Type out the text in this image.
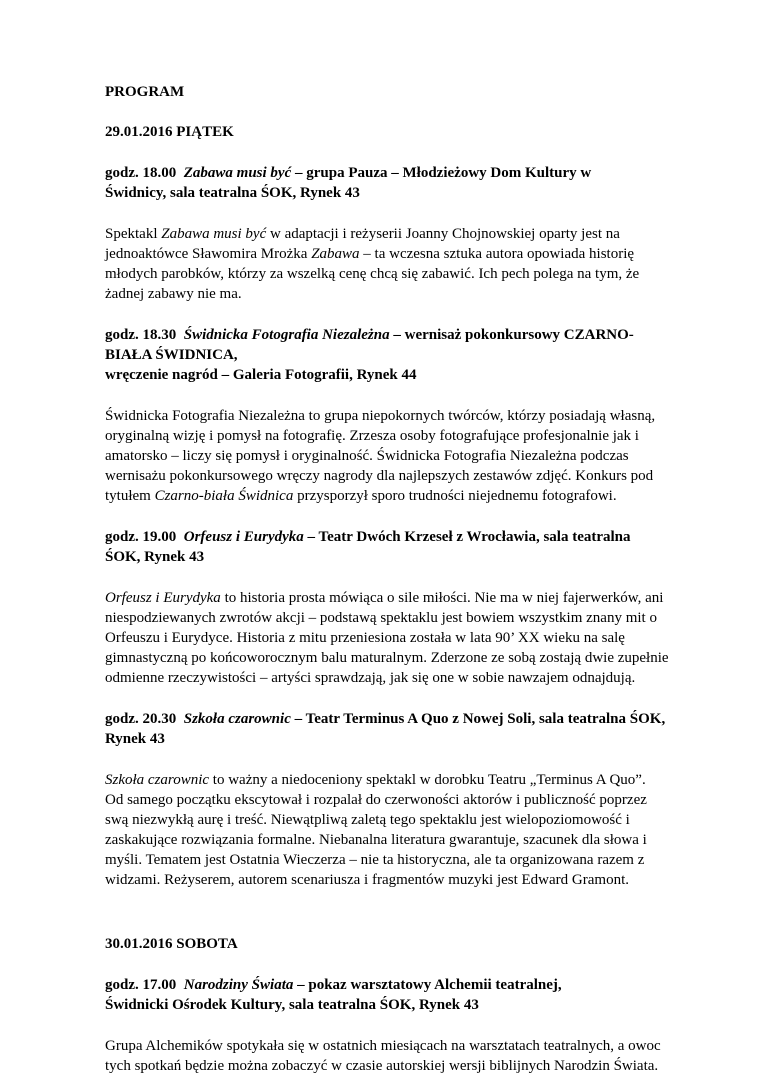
PROGRAM

29.01.2016 PIĄTEK

godz. 18.00 Zabawa musi być – grupa Pauza – Młodzieżowy Dom Kultury w
Świdnicy, sala teatralna ŚOK, Rynek 43
Spektakl Zabawa musi być w adaptacji i reżyserii Joanny Chojnowskiej oparty jest na
jednoaktówce Sławomira Mrożka Zabawa – ta wczesna sztuka autora opowiada historię
młodych parobków, którzy za wszelką cenę chcą się zabawić. Ich pech polega na tym, że
żadnej zabawy nie ma.
godz. 18.30 Świdnicka Fotografia Niezależna – wernisaż pokonkursowy CZARNO-
BIAŁA ŚWIDNICA,
wręczenie nagród – Galeria Fotografii, Rynek 44
Świdnicka Fotografia Niezależna to grupa niepokornych twórców, którzy posiadają własną,
oryginalną wizję i pomysł na fotografię. Zrzesza osoby fotografujące profesjonalnie jak i
amatorsko – liczy się pomysł i oryginalność. Świdnicka Fotografia Niezależna podczas
wernisażu pokonkursowego wręczy nagrody dla najlepszych zestawów zdjęć. Konkurs pod
tytułem Czarno-biała Świdnica przysporzył sporo trudności niejednemu fotografowi.
godz. 19.00 Orfeusz i Eurydyka – Teatr Dwóch Krzeseł z Wrocławia, sala teatralna
ŚOK, Rynek 43
Orfeusz i Eurydyka to historia prosta mówiąca o sile miłości. Nie ma w niej fajerwerków, ani
niespodziewanych zwrotów akcji – podstawą spektaklu jest bowiem wszystkim znany mit o
Orfeuszu i Eurydyce. Historia z mitu przeniesiona została w lata 90’ XX wieku na salę
gimnastyczną po końcoworocznym balu maturalnym. Zderzone ze sobą zostają dwie zupełnie
odmienne rzeczywistości – artyści sprawdzają, jak się one w sobie nawzajem odnajdują.
godz. 20.30 Szkoła czarownic – Teatr Terminus A Quo z Nowej Soli, sala teatralna ŚOK,
Rynek 43
Szkoła czarownic to ważny a niedoceniony spektakl w dorobku Teatru „Terminus A Quo”.
Od samego początku ekscytował i rozpalał do czerwoności aktorów i publiczność poprzez
swą niezwykłą aurę i treść. Niewątpliwą zaletą tego spektaklu jest wielopoziomowość i
zaskakujące rozwiązania formalne. Niebanalna literatura gwarantuje, szacunek dla słowa i
myśli. Tematem jest Ostatnia Wieczerza – nie ta historyczna, ale ta organizowana razem z
widzami. Reżyserem, autorem scenariusza i fragmentów muzyki jest Edward Gramont.

30.01.2016 SOBOTA

godz. 17.00 Narodziny Świata – pokaz warsztatowy Alchemii teatralnej,
Świdnicki Ośrodek Kultury, sala teatralna ŚOK, Rynek 43
Grupa Alchemików spotykała się w ostatnich miesiącach na warsztatach teatralnych, a owoc
tych spotkań będzie można zobaczyć w czasie autorskiej wersji biblijnych Narodzin Świata.
